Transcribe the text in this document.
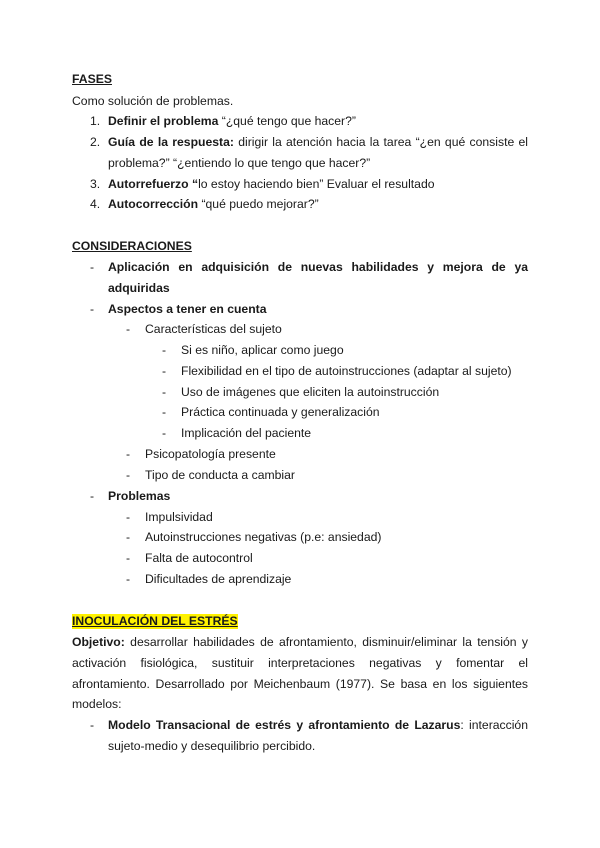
FASES
Como solución de problemas.
1. Definir el problema “¿qué tengo que hacer?”
2. Guía de la respuesta: dirigir la atención hacia la tarea “¿en qué consiste el
problema?” “¿entiendo lo que tengo que hacer?”
3. Autorrefuerzo “lo estoy haciendo bien” Evaluar el resultado
4. Autocorrección “qué puedo mejorar?”
CONSIDERACIONES
- Aplicación en adquisición de nuevas habilidades y mejora de ya
adquiridas
- Aspectos a tener en cuenta
- Características del sujeto
- Si es niño, aplicar como juego
- Flexibilidad en el tipo de autoinstrucciones (adaptar al sujeto)
- Uso de imágenes que eliciten la autoinstrucción
- Práctica continuada y generalización
- Implicación del paciente
- Psicopatología presente
- Tipo de conducta a cambiar
- Problemas
- Impulsividad
- Autoinstrucciones negativas (p.e: ansiedad)
- Falta de autocontrol
- Dificultades de aprendizaje
INOCULACIÓN DEL ESTRÉS
Objetivo: desarrollar habilidades de afrontamiento, disminuir/eliminar la tensión y
activación fisiológica, sustituir interpretaciones negativas y fomentar el
afrontamiento. Desarrollado por Meichenbaum (1977). Se basa en los siguientes
modelos:
- Modelo Transacional de estrés y afrontamiento de Lazarus: interacción
sujeto-medio y desequilibrio percibido.
